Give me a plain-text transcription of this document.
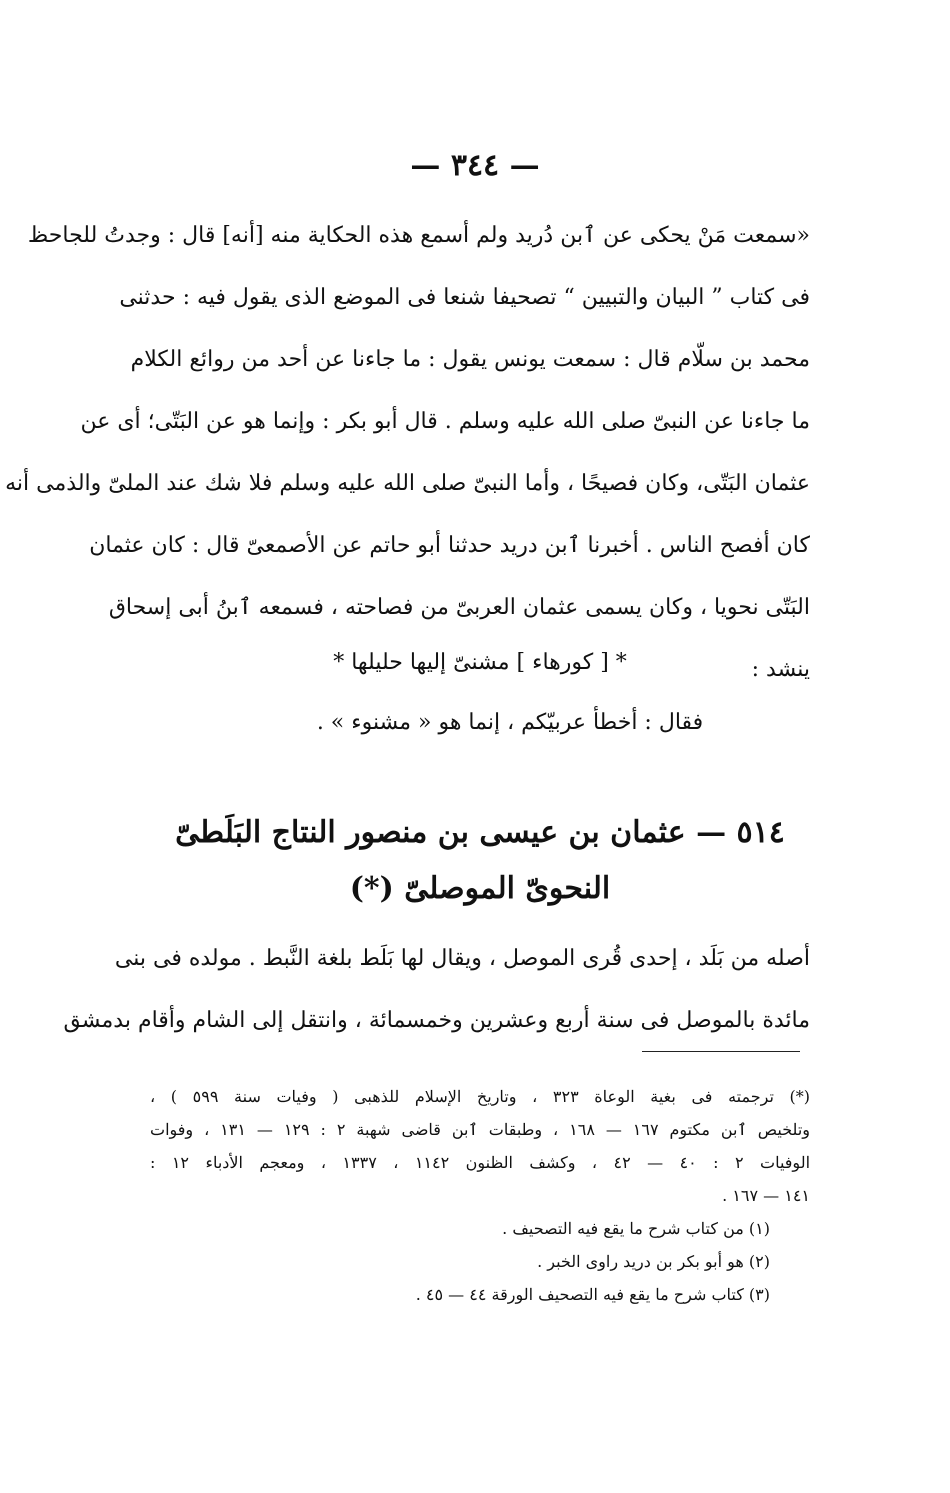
— ٣٤٤ —
«سمعت مَنْ يحكى عن ٱبن دُريد ولم أسمع هذه الحكاية منه [أنه] قال : وجدتُ للجاحظ
فى كتاب ” البيان والتبيين “ تصحيفا شنعا فى الموضع الذى يقول فيه : حدثنى
محمد بن سلّام قال : سمعت يونس يقول : ما جاءنا عن أحد من روائع الكلام
ما جاءنا عن النبىّ صلى الله عليه وسلم . قال أبو بكر : وإنما هو عن البَتّى؛ أى عن
عثمان البَتّى، وكان فصيحًا ، وأما النبىّ صلى الله عليه وسلم فلا شك عند الملىّ والذمى أنه
كان أفصح الناس . أخبرنا ٱبن دريد حدثنا أبو حاتم عن الأصمعىّ قال : كان عثمان
البَتّى نحويا ، وكان يسمى عثمان العربىّ من فصاحته ، فسمعه ٱبنُ أبى إسحاق
ينشد :
* [ كورهاء ] مشنىّ إليها حليلها *
فقال : أخطأ عربيّكم ، إنما هو « مشنوء » .
٥١٤ — عثمان بن عيسى بن منصور النتاج البَلَطىّ
النحوىّ الموصلىّ (*)
أصله من بَلَد ، إحدى قُرى الموصل ، ويقال لها بَلَط بلغة النَّبط . مولده فى بنى
مائدة بالموصل فى سنة أربع وعشرين وخمسمائة ، وانتقل إلى الشام وأقام بدمشق
(*) ترجمته فى بغية الوعاة ٣٢٣ ، وتاريخ الإسلام للذهبى ( وفيات سنة ٥٩٩ ) ،
وتلخيص ٱبن مكتوم ١٦٧ — ١٦٨ ، وطبقات ٱبن قاضى شهبة ٢ : ١٢٩ — ١٣١ ، وفوات
الوفيات ٢ : ٤٠ — ٤٢ ، وكشف الظنون ١١٤٢ ، ١٣٣٧ ، ومعجم الأدباء ١٢ :
١٤١ — ١٦٧ .
(١) من كتاب شرح ما يقع فيه التصحيف .
(٢) هو أبو بكر بن دريد راوى الخبر .
(٣) كتاب شرح ما يقع فيه التصحيف الورقة ٤٤ — ٤٥ .
